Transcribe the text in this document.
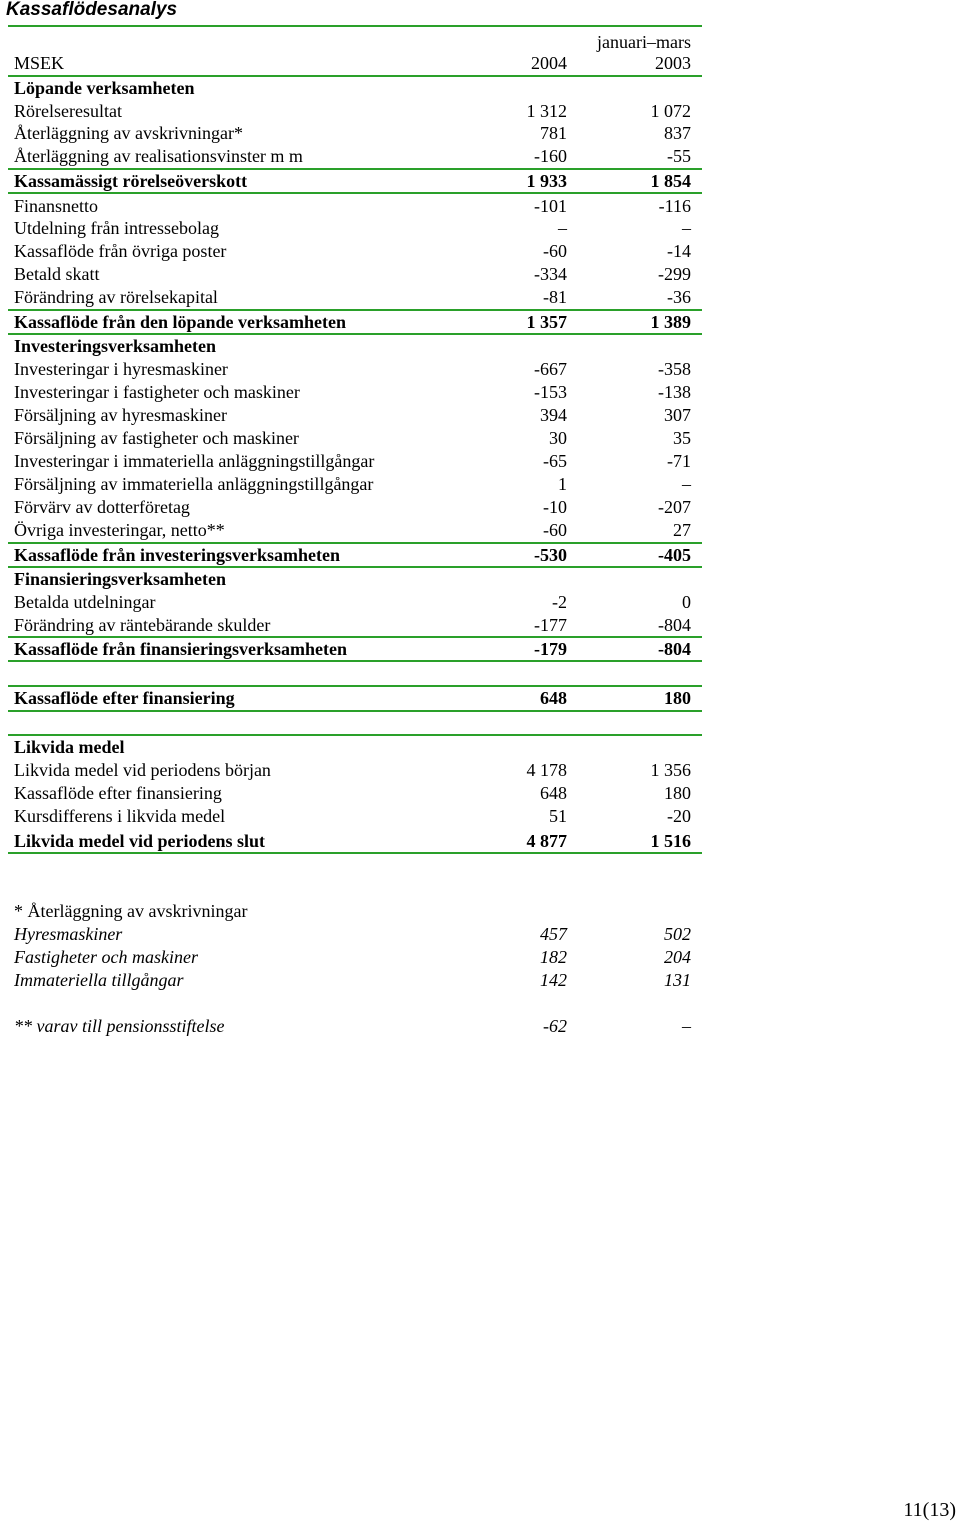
Kassaflödesanalys
januari–mars
MSEK	2004	2003
Löpande verksamheten
Rörelseresultat	1 312	1 072
Återläggning av avskrivningar*	781	837
Återläggning av realisationsvinster m m	-160	-55
Kassamässigt rörelseöverskott	1 933	1 854
Finansnetto	-101	-116
Utdelning från intressebolag	–	–
Kassaflöde från övriga poster	-60	-14
Betald skatt	-334	-299
Förändring av rörelsekapital	-81	-36
Kassaflöde från den löpande verksamheten	1 357	1 389
Investeringsverksamheten
Investeringar i hyresmaskiner	-667	-358
Investeringar i fastigheter och maskiner	-153	-138
Försäljning av hyresmaskiner	394	307
Försäljning av fastigheter och maskiner	30	35
Investeringar i immateriella anläggningstillgångar	-65	-71
Försäljning av immateriella anläggningstillgångar	1	–
Förvärv av dotterföretag	-10	-207
Övriga investeringar, netto**	-60	27
Kassaflöde från investeringsverksamheten	-530	-405
Finansieringsverksamheten
Betalda utdelningar	-2	0
Förändring av räntebärande skulder	-177	-804
Kassaflöde från finansieringsverksamheten	-179	-804
Kassaflöde efter finansiering	648	180
Likvida medel
Likvida medel vid periodens början	4 178	1 356
Kassaflöde efter finansiering	648	180
Kursdifferens i likvida medel	51	-20
Likvida medel vid periodens slut	4 877	1 516
* Återläggning av avskrivningar
Hyresmaskiner	457	502
Fastigheter och maskiner	182	204
Immateriella tillgångar	142	131
** varav till pensionsstiftelse	-62	–
11(13)
